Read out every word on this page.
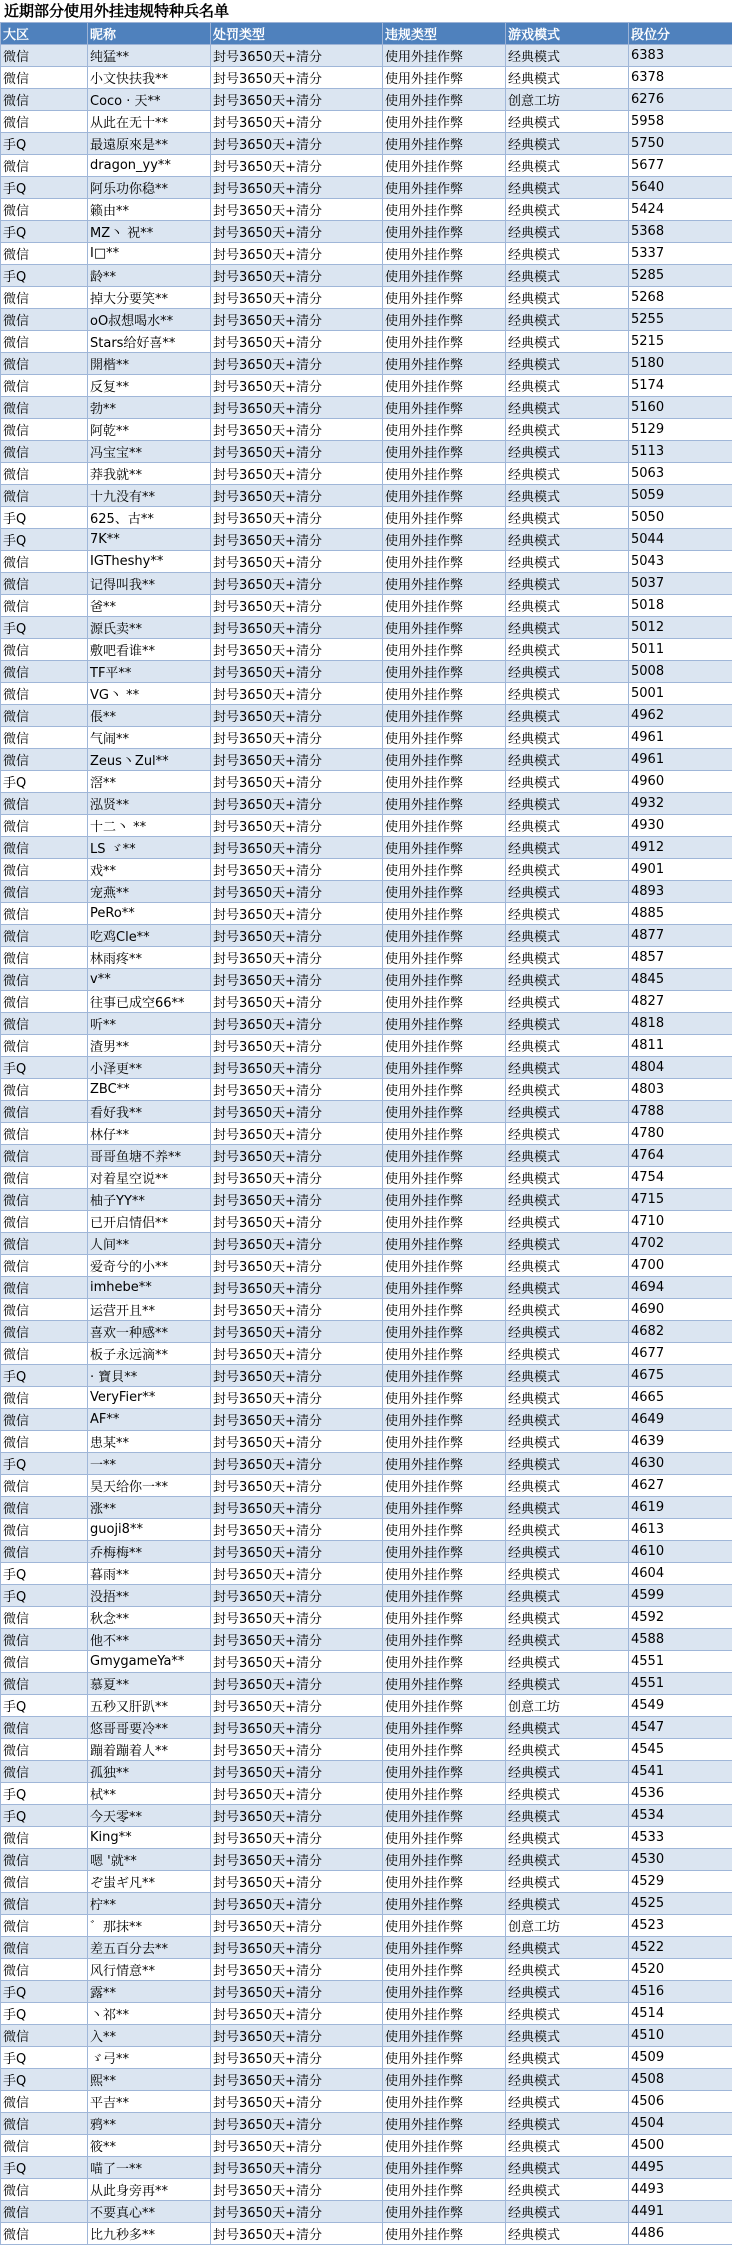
近期部分使用外挂违规特种兵名单
大区	昵称	处罚类型	违规类型	游戏模式	段位分
微信	纯猛**	封号3650天+清分	使用外挂作弊	经典模式	6383
微信	小文快扶我**	封号3650天+清分	使用外挂作弊	经典模式	6378
微信	Coco · 天**	封号3650天+清分	使用外挂作弊	创意工坊	6276
微信	从此在无十**	封号3650天+清分	使用外挂作弊	经典模式	5958
手Q	最遠原來是**	封号3650天+清分	使用外挂作弊	经典模式	5750
微信	dragon_yy**	封号3650天+清分	使用外挂作弊	经典模式	5677
手Q	阿乐功你稳**	封号3650天+清分	使用外挂作弊	经典模式	5640
微信	籁由**	封号3650天+清分	使用外挂作弊	经典模式	5424
手Q	MZ丶 祝**	封号3650天+清分	使用外挂作弊	经典模式	5368
微信	I□**	封号3650天+清分	使用外挂作弊	经典模式	5337
手Q	龄**	封号3650天+清分	使用外挂作弊	经典模式	5285
微信	掉大分要笑**	封号3650天+清分	使用外挂作弊	经典模式	5268
微信	oO叔想喝水**	封号3650天+清分	使用外挂作弊	经典模式	5255
微信	Stars给好喜**	封号3650天+清分	使用外挂作弊	经典模式	5215
微信	開楷**	封号3650天+清分	使用外挂作弊	经典模式	5180
微信	反复**	封号3650天+清分	使用外挂作弊	经典模式	5174
微信	勃**	封号3650天+清分	使用外挂作弊	经典模式	5160
微信	阿乾**	封号3650天+清分	使用外挂作弊	经典模式	5129
微信	冯宝宝**	封号3650天+清分	使用外挂作弊	经典模式	5113
微信	莽我就**	封号3650天+清分	使用外挂作弊	经典模式	5063
微信	十九没有**	封号3650天+清分	使用外挂作弊	经典模式	5059
手Q	625、古**	封号3650天+清分	使用外挂作弊	经典模式	5050
手Q	7K**	封号3650天+清分	使用外挂作弊	经典模式	5044
微信	IGTheshy**	封号3650天+清分	使用外挂作弊	经典模式	5043
微信	记得叫我**	封号3650天+清分	使用外挂作弊	经典模式	5037
微信	爸**	封号3650天+清分	使用外挂作弊	经典模式	5018
手Q	源氏卖**	封号3650天+清分	使用外挂作弊	经典模式	5012
微信	敷吧看谁**	封号3650天+清分	使用外挂作弊	经典模式	5011
微信	TF平**	封号3650天+清分	使用外挂作弊	经典模式	5008
微信	VG丶 **	封号3650天+清分	使用外挂作弊	经典模式	5001
微信	倀**	封号3650天+清分	使用外挂作弊	经典模式	4962
微信	气闹**	封号3650天+清分	使用外挂作弊	经典模式	4961
微信	Zeus丶Zul**	封号3650天+清分	使用外挂作弊	经典模式	4961
手Q	滘**	封号3650天+清分	使用外挂作弊	经典模式	4960
微信	泓贤**	封号3650天+清分	使用外挂作弊	经典模式	4932
微信	十二丶 **	封号3650天+清分	使用外挂作弊	经典模式	4930
微信	LS ゞ**	封号3650天+清分	使用外挂作弊	经典模式	4912
微信	戏**	封号3650天+清分	使用外挂作弊	经典模式	4901
微信	宠燕**	封号3650天+清分	使用外挂作弊	经典模式	4893
微信	PeRo**	封号3650天+清分	使用外挂作弊	经典模式	4885
微信	吃鸡Cle**	封号3650天+清分	使用外挂作弊	经典模式	4877
微信	林雨疼**	封号3650天+清分	使用外挂作弊	经典模式	4857
微信	v**	封号3650天+清分	使用外挂作弊	经典模式	4845
微信	往事已成空66**	封号3650天+清分	使用外挂作弊	经典模式	4827
微信	听**	封号3650天+清分	使用外挂作弊	经典模式	4818
微信	渣男**	封号3650天+清分	使用外挂作弊	经典模式	4811
手Q	小泽更**	封号3650天+清分	使用外挂作弊	经典模式	4804
微信	ZBC**	封号3650天+清分	使用外挂作弊	经典模式	4803
微信	看好我**	封号3650天+清分	使用外挂作弊	经典模式	4788
微信	林仔**	封号3650天+清分	使用外挂作弊	经典模式	4780
微信	哥哥鱼塘不养**	封号3650天+清分	使用外挂作弊	经典模式	4764
微信	对着星空说**	封号3650天+清分	使用外挂作弊	经典模式	4754
微信	柚子YY**	封号3650天+清分	使用外挂作弊	经典模式	4715
微信	已开启情侣**	封号3650天+清分	使用外挂作弊	经典模式	4710
微信	人间**	封号3650天+清分	使用外挂作弊	经典模式	4702
微信	爱奇兮的小**	封号3650天+清分	使用外挂作弊	经典模式	4700
微信	imhebe**	封号3650天+清分	使用外挂作弊	经典模式	4694
微信	运营开且**	封号3650天+清分	使用外挂作弊	经典模式	4690
微信	喜欢一种感**	封号3650天+清分	使用外挂作弊	经典模式	4682
微信	板子永远滴**	封号3650天+清分	使用外挂作弊	经典模式	4677
手Q	· 寶貝**	封号3650天+清分	使用外挂作弊	经典模式	4675
微信	VeryFier**	封号3650天+清分	使用外挂作弊	经典模式	4665
微信	AF**	封号3650天+清分	使用外挂作弊	经典模式	4649
微信	患某**	封号3650天+清分	使用外挂作弊	经典模式	4639
手Q	一**	封号3650天+清分	使用外挂作弊	经典模式	4630
微信	昊天给你一**	封号3650天+清分	使用外挂作弊	经典模式	4627
微信	涨**	封号3650天+清分	使用外挂作弊	经典模式	4619
微信	guoji8**	封号3650天+清分	使用外挂作弊	经典模式	4613
微信	乔梅梅**	封号3650天+清分	使用外挂作弊	经典模式	4610
手Q	暮雨**	封号3650天+清分	使用外挂作弊	经典模式	4604
手Q	没捂**	封号3650天+清分	使用外挂作弊	经典模式	4599
微信	秋念**	封号3650天+清分	使用外挂作弊	经典模式	4592
微信	他不**	封号3650天+清分	使用外挂作弊	经典模式	4588
微信	GmygameYa**	封号3650天+清分	使用外挂作弊	经典模式	4551
微信	慕夏**	封号3650天+清分	使用外挂作弊	经典模式	4551
手Q	五秒又肝趴**	封号3650天+清分	使用外挂作弊	创意工坊	4549
微信	悠哥哥要冷**	封号3650天+清分	使用外挂作弊	经典模式	4547
微信	蹦着蹦着人**	封号3650天+清分	使用外挂作弊	经典模式	4545
微信	孤独**	封号3650天+清分	使用外挂作弊	经典模式	4541
手Q	栻**	封号3650天+清分	使用外挂作弊	经典模式	4536
手Q	今天零**	封号3650天+清分	使用外挂作弊	经典模式	4534
微信	King**	封号3650天+清分	使用外挂作弊	经典模式	4533
微信	嗯 '就**	封号3650天+清分	使用外挂作弊	经典模式	4530
微信	ぞ蚩ギ凡**	封号3650天+清分	使用外挂作弊	经典模式	4529
微信	柠**	封号3650天+清分	使用外挂作弊	经典模式	4525
微信	゛那抹**	封号3650天+清分	使用外挂作弊	创意工坊	4523
微信	差五百分去**	封号3650天+清分	使用外挂作弊	经典模式	4522
微信	风行情意**	封号3650天+清分	使用外挂作弊	经典模式	4520
手Q	露**	封号3650天+清分	使用外挂作弊	经典模式	4516
手Q	丶祁**	封号3650天+清分	使用外挂作弊	经典模式	4514
微信	入**	封号3650天+清分	使用外挂作弊	经典模式	4510
手Q	ゞ弓**	封号3650天+清分	使用外挂作弊	经典模式	4509
手Q	熙**	封号3650天+清分	使用外挂作弊	经典模式	4508
微信	平吉**	封号3650天+清分	使用外挂作弊	经典模式	4506
微信	鸦**	封号3650天+清分	使用外挂作弊	经典模式	4504
微信	筱**	封号3650天+清分	使用外挂作弊	经典模式	4500
手Q	喵了一**	封号3650天+清分	使用外挂作弊	经典模式	4495
微信	从此身旁再**	封号3650天+清分	使用外挂作弊	经典模式	4493
微信	不要真心**	封号3650天+清分	使用外挂作弊	经典模式	4491
微信	比九秒多**	封号3650天+清分	使用外挂作弊	经典模式	4486
